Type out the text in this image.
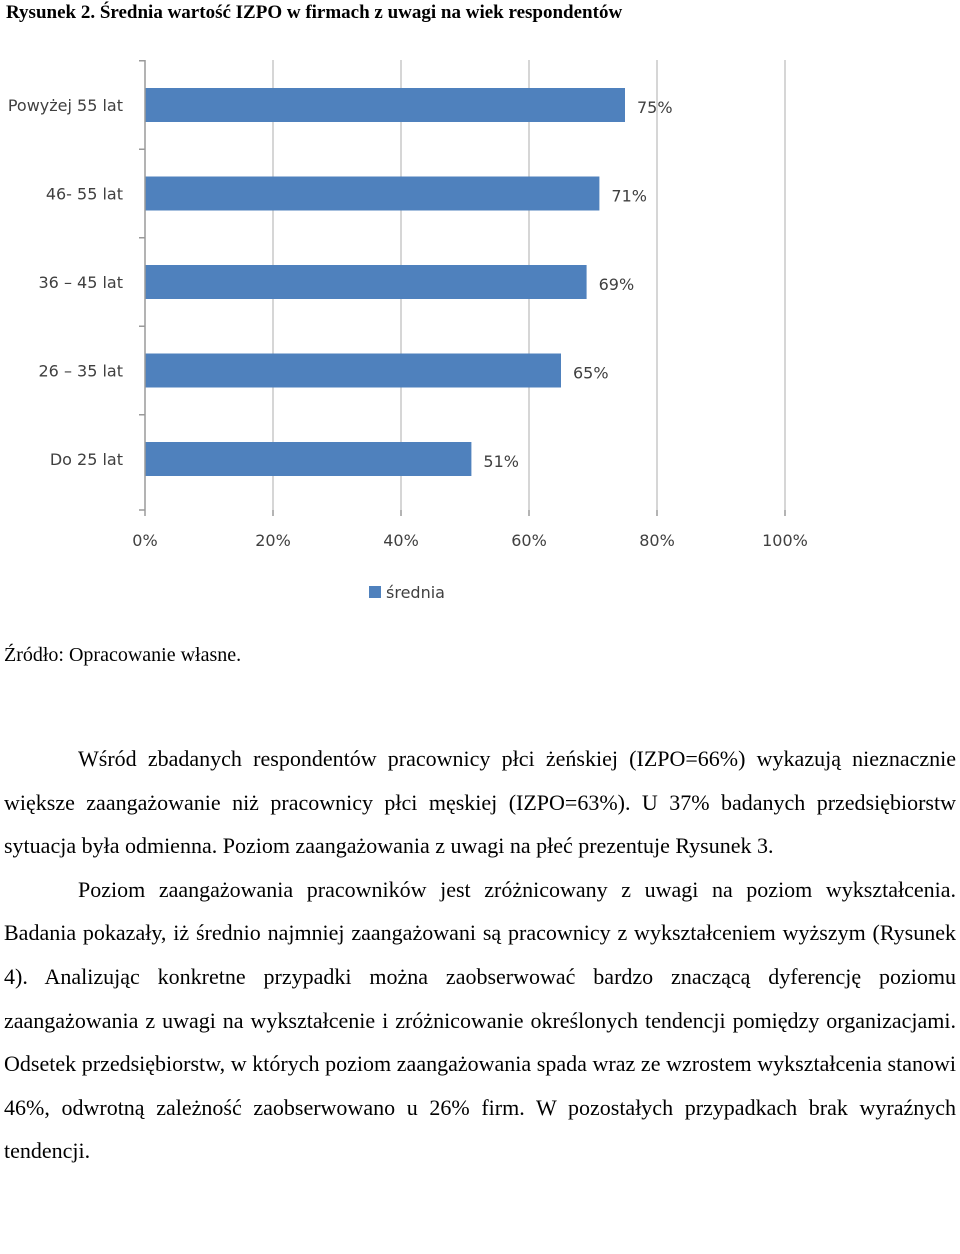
Rysunek 2. Średnia wartość IZPO w firmach z uwagi na wiek respondentów
75%
71%
69%
65%
51%
0%	20%	40%	60%	80%	100%
Powyżej 55 lat
46- 55 lat
36 – 45 lat
26 – 35 lat
Do 25 lat
średnia
Źródło: Opracowanie własne.

Wśród zbadanych respondentów pracownicy płci żeńskiej (IZPO=66%) wykazują nieznacznie większe zaangażowanie niż pracownicy płci męskiej (IZPO=63%). U 37% badanych przedsiębiorstw sytuacja była odmienna. Poziom zaangażowania z uwagi na płeć prezentuje Rysunek 3.

Poziom zaangażowania pracowników jest zróżnicowany z uwagi na poziom wykształcenia. Badania pokazały, iż średnio najmniej zaangażowani są pracownicy z wykształceniem wyższym (Rysunek 4). Analizując konkretne przypadki można zaobserwować bardzo znaczącą dyferencję poziomu zaangażowania z uwagi na wykształcenie i zróżnicowanie określonych tendencji pomiędzy organizacjami. Odsetek przedsiębiorstw, w których poziom zaangażowania spada wraz ze wzrostem wykształcenia stanowi 46%, odwrotną zależność zaobserwowano u 26% firm. W pozostałych przypadkach brak wyraźnych tendencji.
